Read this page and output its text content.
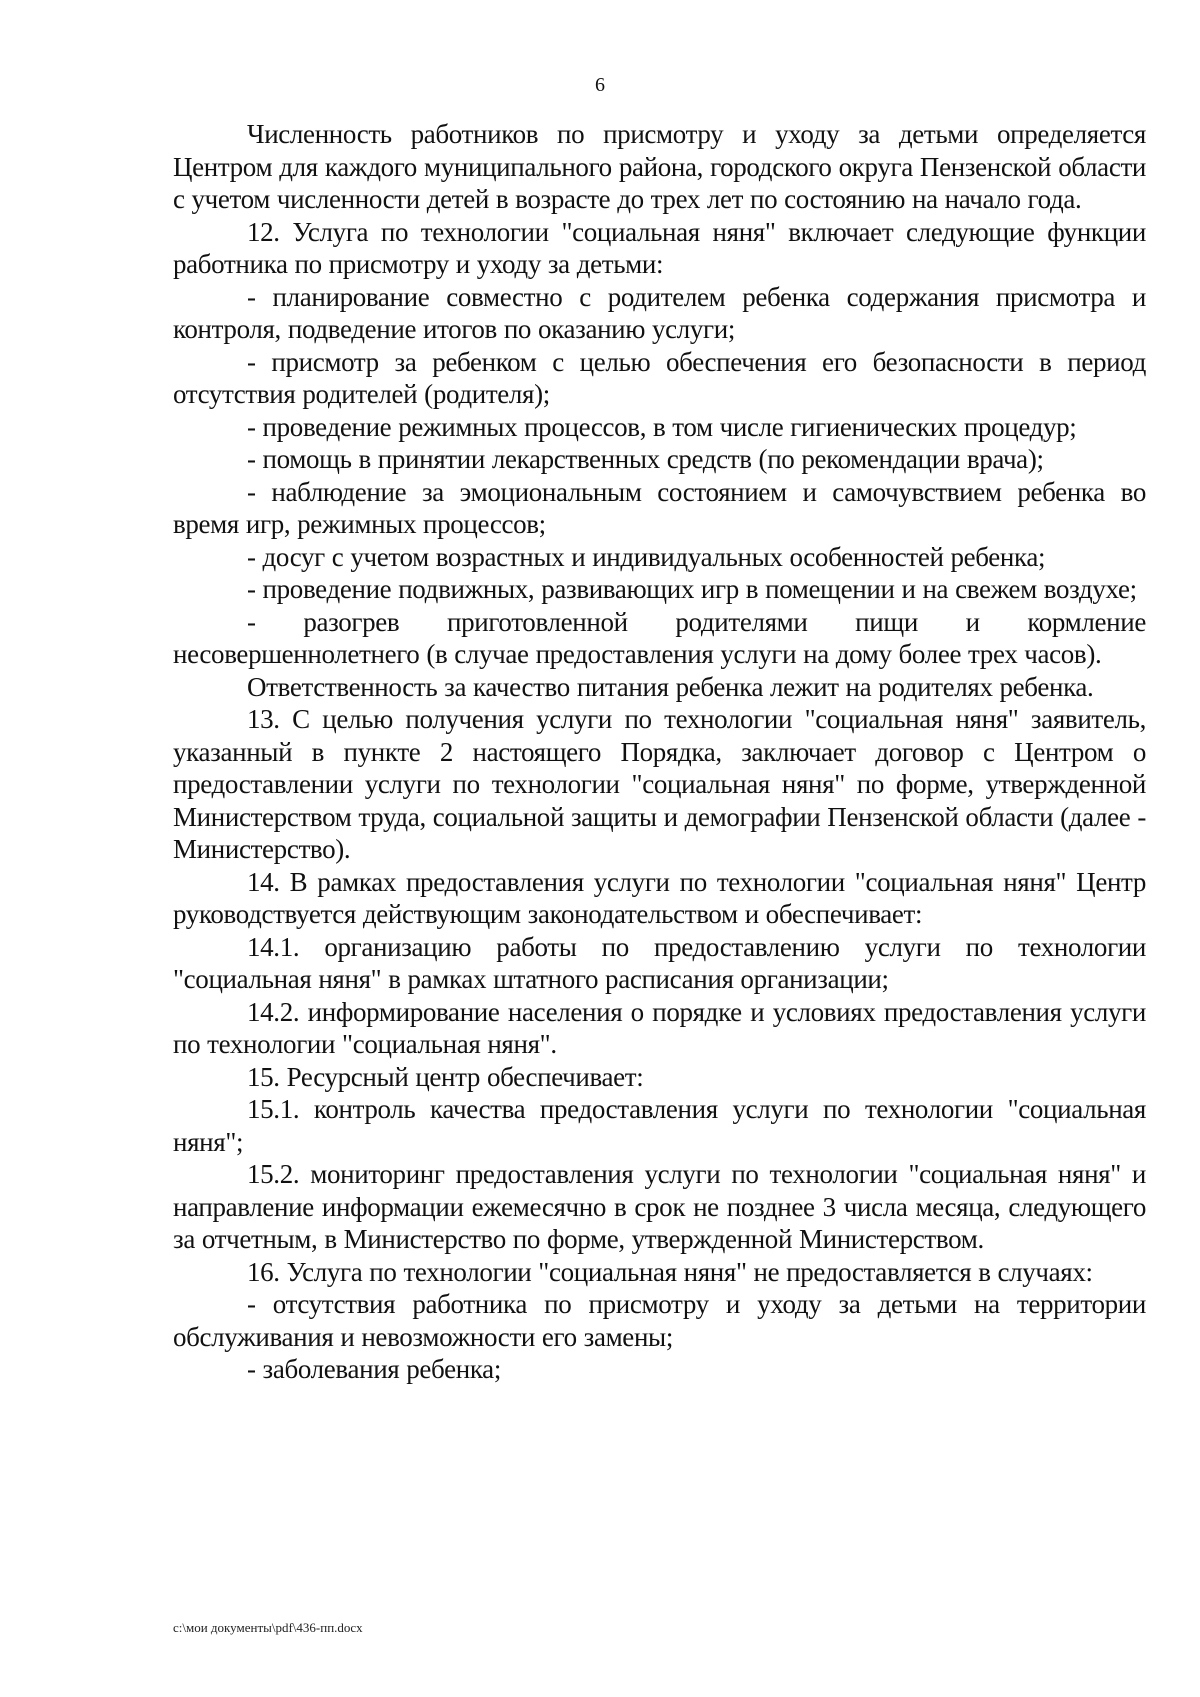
6

Численность работников по присмотру и уходу за детьми определяется Центром для каждого муниципального района, городского округа Пензенской области с учетом численности детей в возрасте до трех лет по состоянию на начало года.

12. Услуга по технологии "социальная няня" включает следующие функции работника по присмотру и уходу за детьми:

- планирование совместно с родителем ребенка содержания присмотра и контроля, подведение итогов по оказанию услуги;

- присмотр за ребенком с целью обеспечения его безопасности в период отсутствия родителей (родителя);

- проведение режимных процессов, в том числе гигиенических процедур;

- помощь в принятии лекарственных средств (по рекомендации врача);

- наблюдение за эмоциональным состоянием и самочувствием ребенка во время игр, режимных процессов;

- досуг с учетом возрастных и индивидуальных особенностей ребенка;

- проведение подвижных, развивающих игр в помещении и на свежем воздухе;

- разогрев приготовленной родителями пищи и кормление несовершеннолетнего (в случае предоставления услуги на дому более трех часов).

Ответственность за качество питания ребенка лежит на родителях ребенка.

13. С целью получения услуги по технологии "социальная няня" заявитель, указанный в пункте 2 настоящего Порядка, заключает договор с Центром о предоставлении услуги по технологии "социальная няня" по форме, утвержденной Министерством труда, социальной защиты и демографии Пензенской области (далее - Министерство).

14. В рамках предоставления услуги по технологии "социальная няня" Центр руководствуется действующим законодательством и обеспечивает:

14.1. организацию работы по предоставлению услуги по технологии "социальная няня" в рамках штатного расписания организации;

14.2. информирование населения о порядке и условиях предоставления услуги по технологии "социальная няня".

15. Ресурсный центр обеспечивает:

15.1. контроль качества предоставления услуги по технологии "социальная няня";

15.2. мониторинг предоставления услуги по технологии "социальная няня" и направление информации ежемесячно в срок не позднее 3 числа месяца, следующего за отчетным, в Министерство по форме, утвержденной Министерством.

16. Услуга по технологии "социальная няня" не предоставляется в случаях:

- отсутствия работника по присмотру и уходу за детьми на территории обслуживания и невозможности его замены;

- заболевания ребенка;

c:\мои документы\pdf\436-пп.docx
